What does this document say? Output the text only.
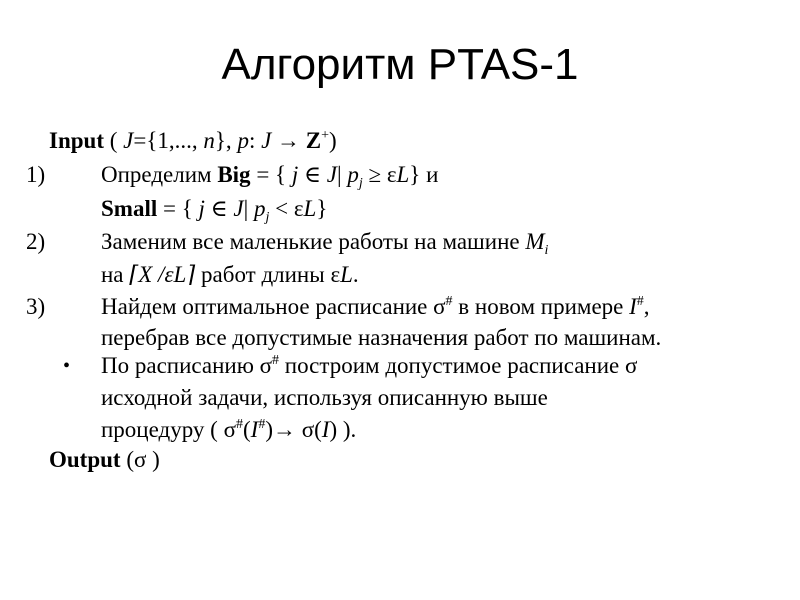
Алгоритм PTAS-1
Input ( J={1,..., n}, p: J → Z+)
1) Определим Big = { j ∈ J| $p_j \ge \varepsilon L$} и
Small = { j ∈ J| $p_j < \varepsilon L$}
2) Заменим все маленькие работы на машине $M_i$
на ⌈X /εL⌉ работ длины εL.
3) Найдем оптимальное расписание σ# в новом примере I#,
перебрав все допустимые назначения работ по машинам.
• По расписанию σ# построим допустимое расписание σ
исходной задачи, используя описанную выше
процедуру ( σ#(I#)→ σ(I) ).
Output (σ )
